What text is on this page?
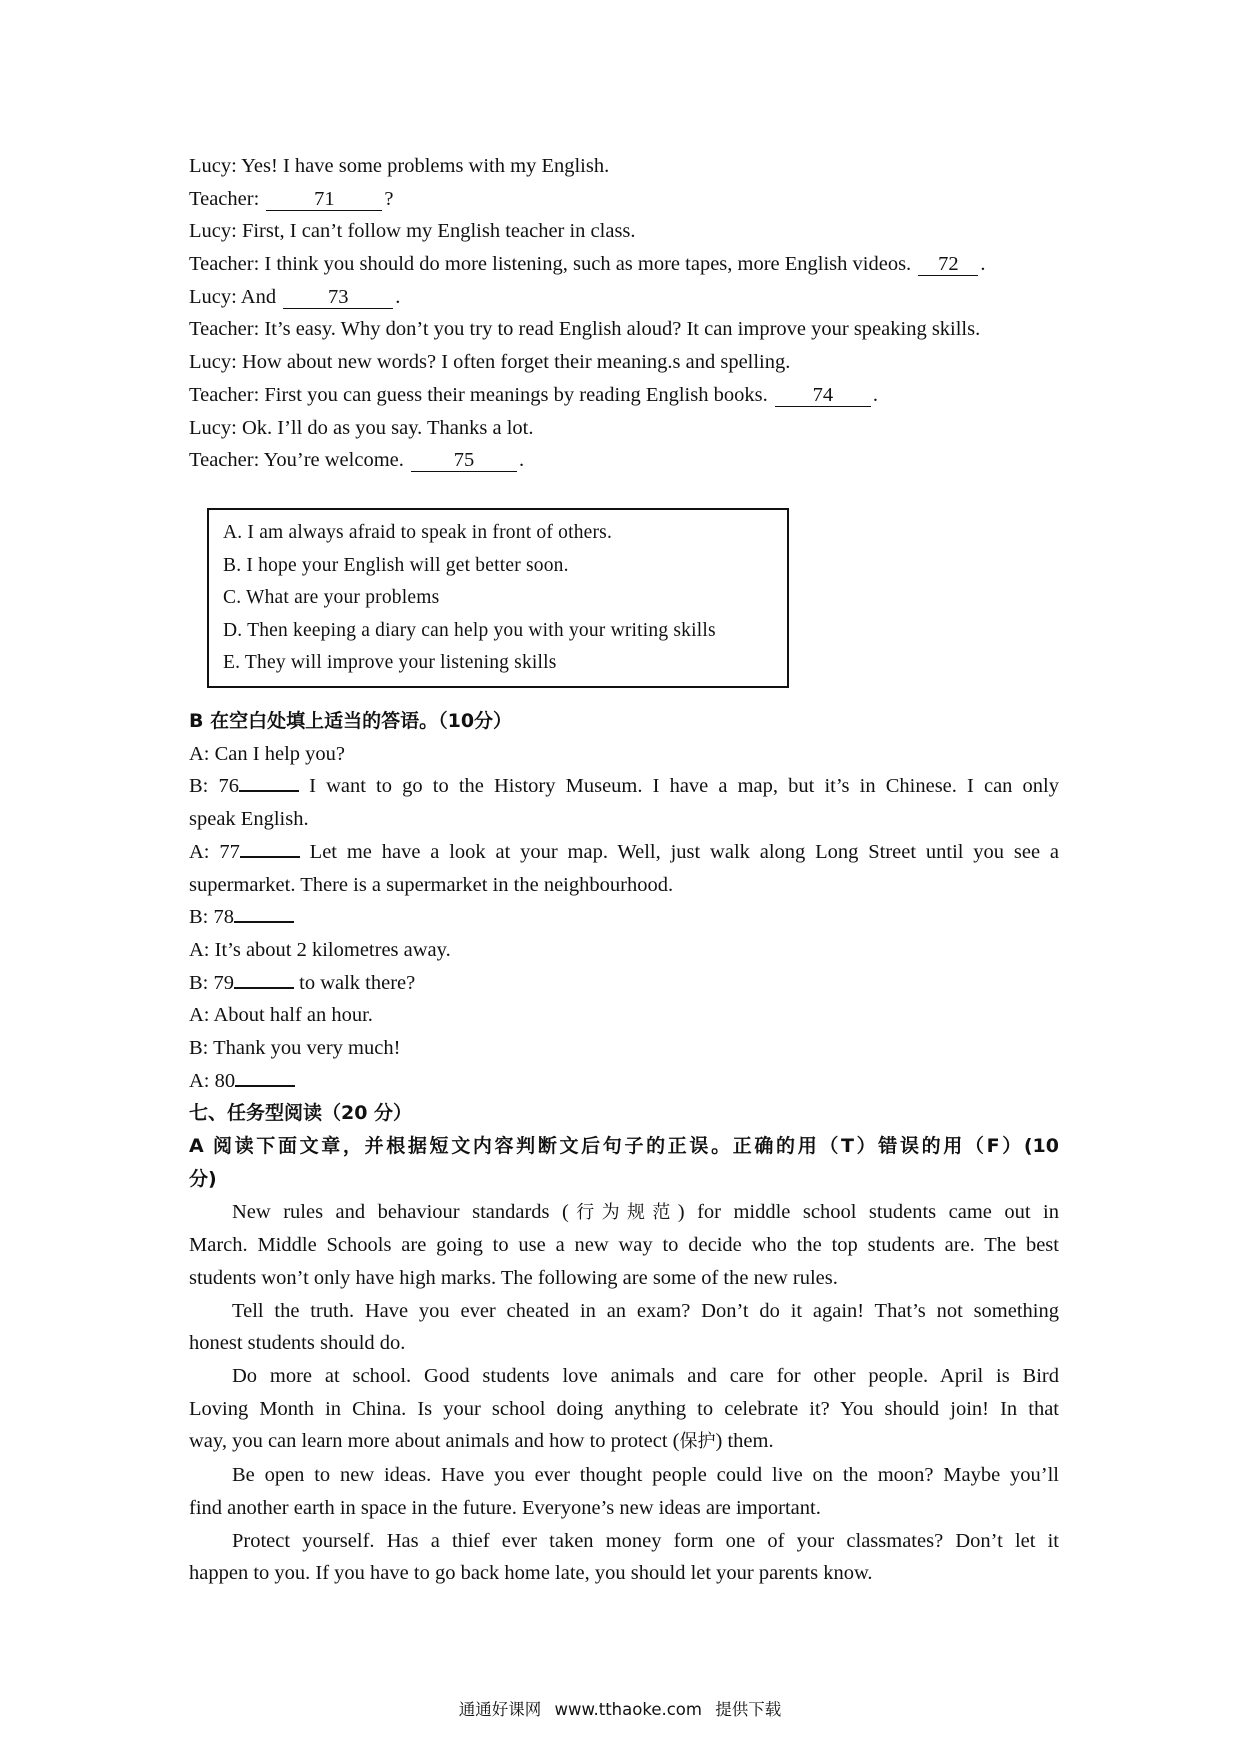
Lucy: Yes! I have some problems with my English.
Teacher: 71 ?
Lucy: First, I can’t follow my English teacher in class.
Teacher: I think you should do more listening, such as more tapes, more English videos. 72 .
Lucy: And 73 .
Teacher: It’s easy. Why don’t you try to read English aloud? It can improve your speaking skills.
Lucy: How about new words? I often forget their meaning.s and spelling.
Teacher: First you can guess their meanings by reading English books. 74 .
Lucy: Ok. I’ll do as you say. Thanks a lot.
Teacher: You’re welcome. 75 .
A. I am always afraid to speak in front of others.
B. I hope your English will get better soon.
C. What are your problems
D. Then keeping a diary can help you with your writing skills
E. They will improve your listening skills
B 在空白处填上适当的答语。（10分）
A: Can I help you?
B: 76	I want to go to the History Museum. I have a map, but it’s in Chinese. I can only
speak English.
A: 77	Let me have a look at your map. Well, just walk along Long Street until you see a
supermarket. There is a supermarket in the neighbourhood.
B: 78
A: It’s about 2 kilometres away.
B: 79	to walk there?
A: About half an hour.
B: Thank you very much!
A: 80
七、任务型阅读（20 分）
A 阅读下面文章，并根据短文内容判断文后句子的正误。正确的用（T）错误的用（F）(10
分)
New rules and behaviour standards (行为规范) for middle school students came out in
March. Middle Schools are going to use a new way to decide who the top students are. The best
students won’t only have high marks. The following are some of the new rules.
Tell the truth. Have you ever cheated in an exam? Don’t do it again! That’s not something
honest students should do.
Do more at school. Good students love animals and care for other people. April is Bird
Loving Month in China. Is your school doing anything to celebrate it? You should join! In that
way, you can learn more about animals and how to protect (保护) them.
Be open to new ideas. Have you ever thought people could live on the moon? Maybe you’ll
find another earth in space in the future. Everyone’s new ideas are important.
Protect yourself. Has a thief ever taken money form one of your classmates? Don’t let it
happen to you. If you have to go back home late, you should let your parents know.
通通好课网 www.tthaoke.com 提供下载
